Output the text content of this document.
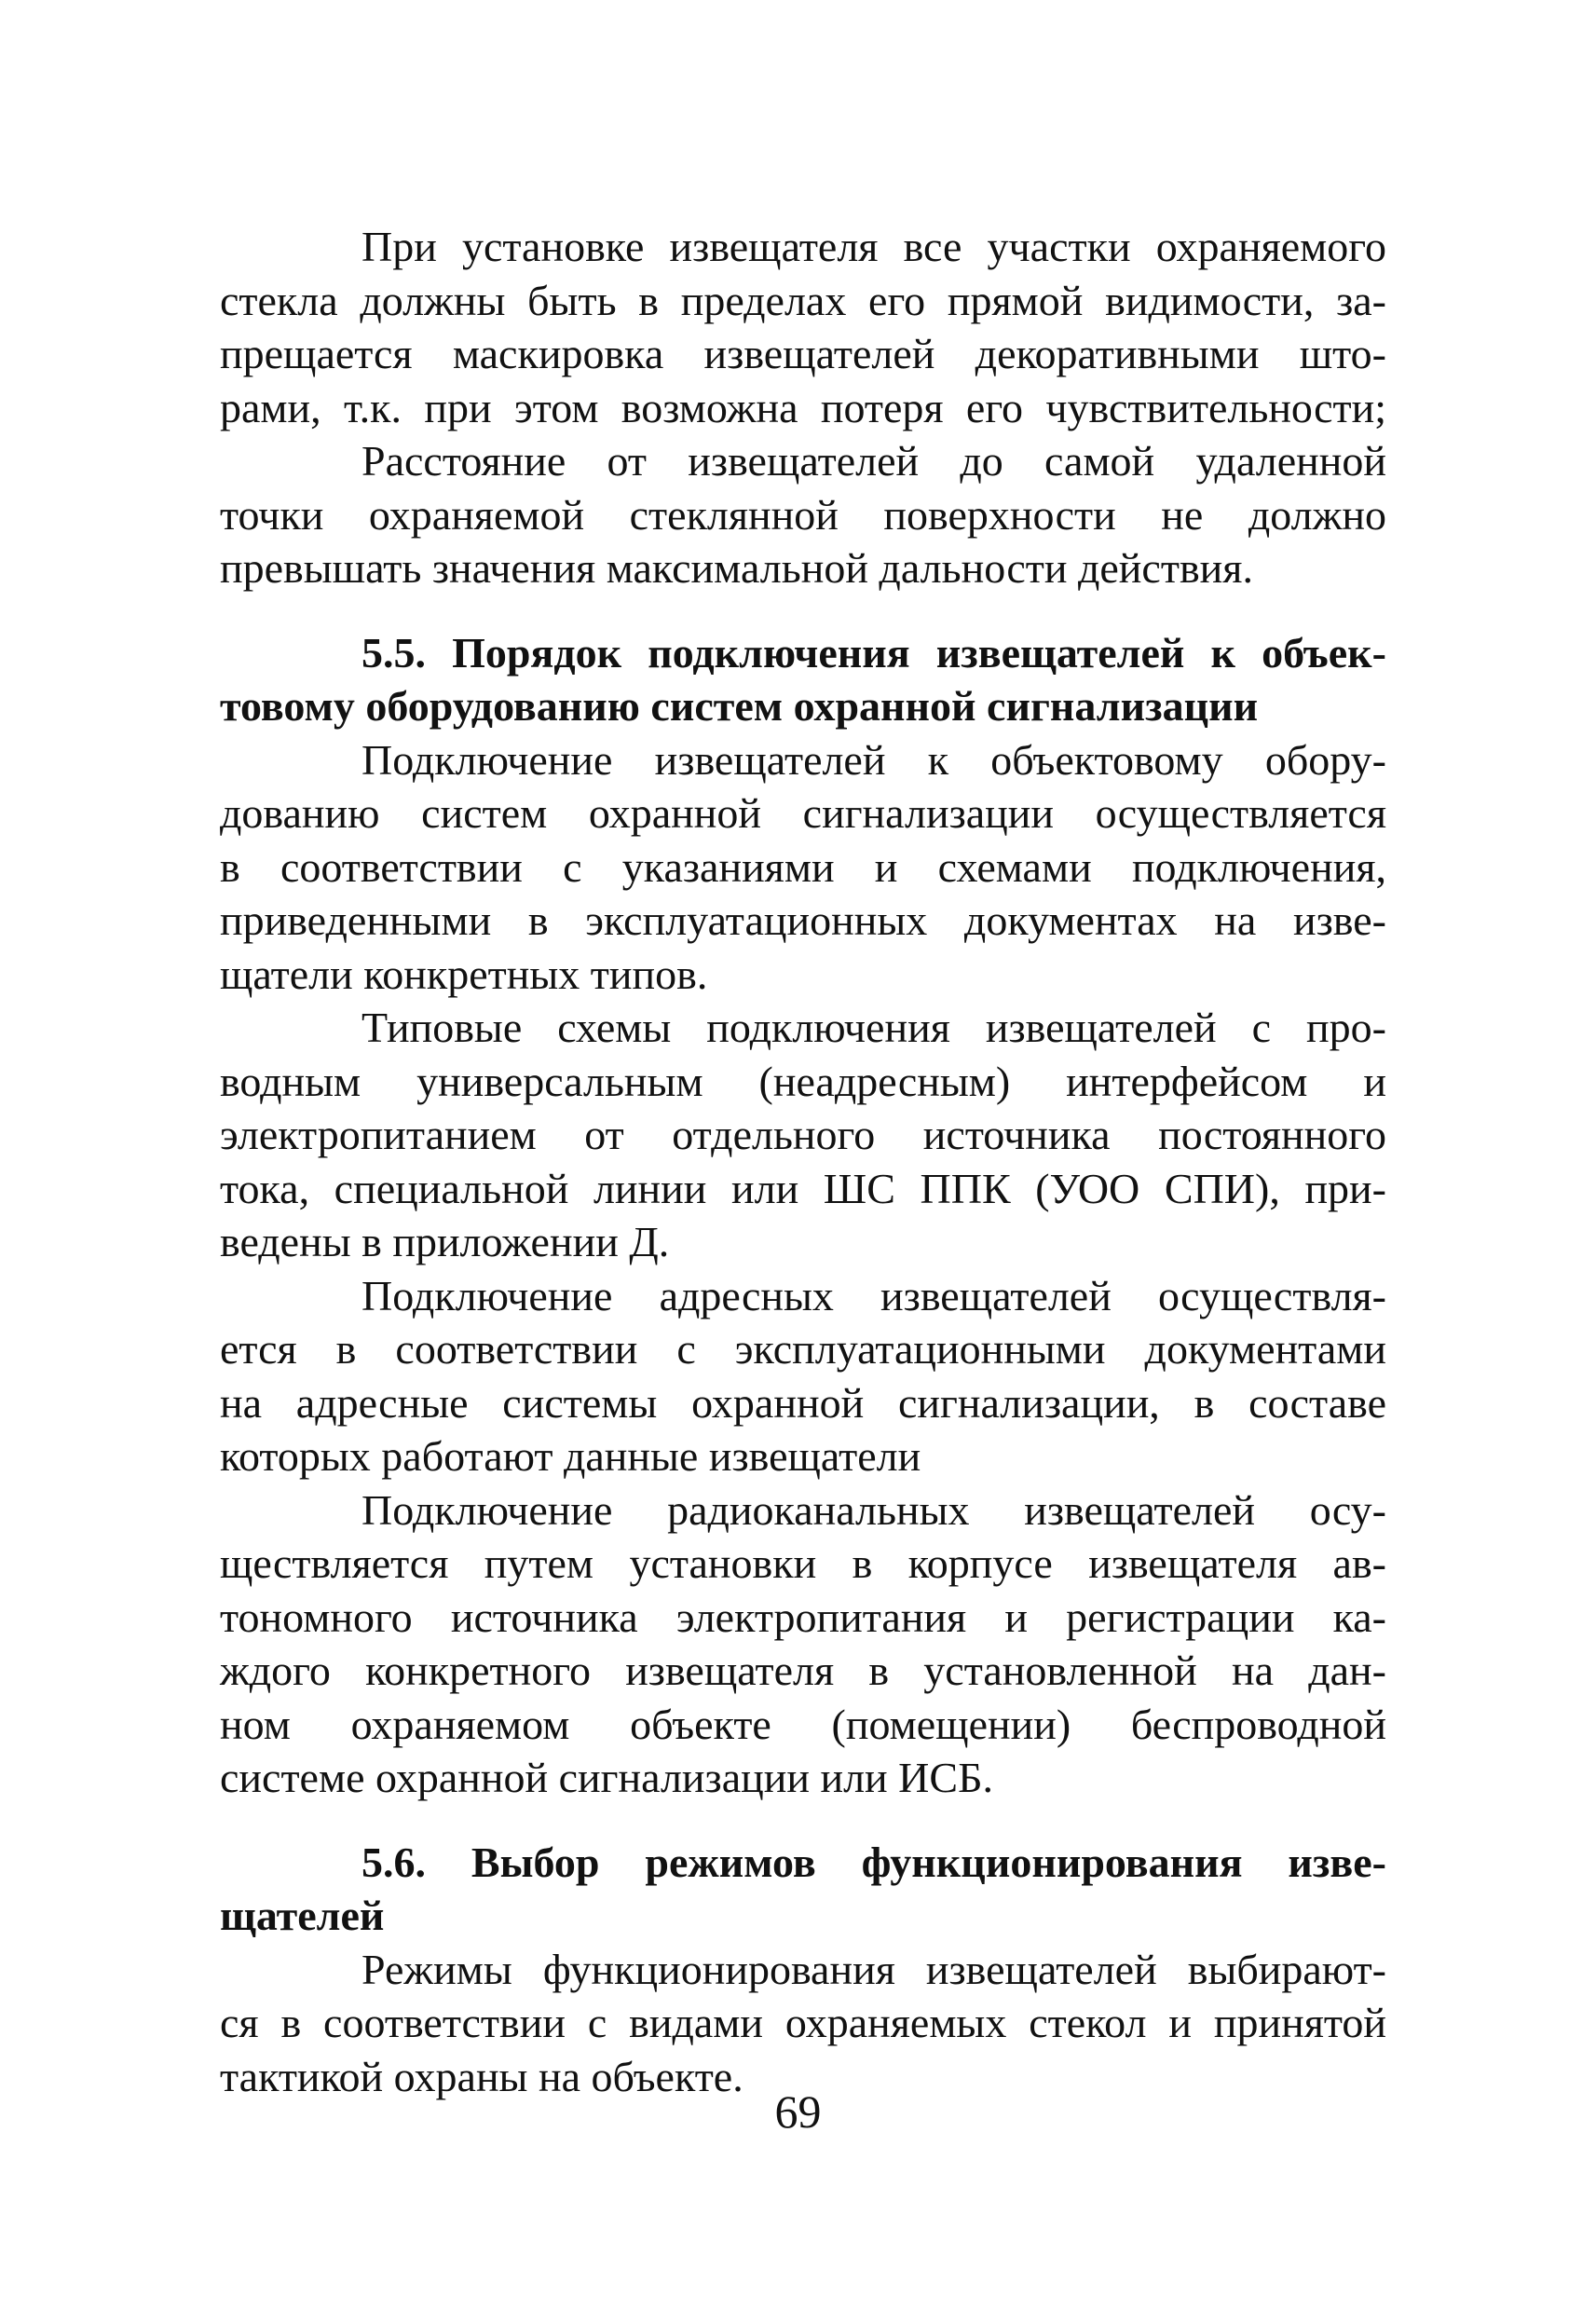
При установке извещателя все участки охраняемого
стекла должны быть в пределах его прямой видимости, за-
прещается маскировка извещателей декоративными што-
рами, т.к. при этом возможна потеря его чувствительности;
Расстояние от извещателей до самой удаленной
точки охраняемой стеклянной поверхности не должно
превышать значения максимальной дальности действия.
5.5. Порядок подключения извещателей к объек-
товому оборудованию систем охранной сигнализации
Подключение извещателей к объектовому обору-
дованию систем охранной сигнализации осуществляется
в соответствии с указаниями и схемами подключения,
приведенными в эксплуатационных документах на изве-
щатели конкретных типов.
Типовые схемы подключения извещателей с про-
водным универсальным (неадресным) интерфейсом и
электропитанием от отдельного источника постоянного
тока, специальной линии или ШС ППК (УОО СПИ), при-
ведены в приложении Д.
Подключение адресных извещателей осуществля-
ется в соответствии с эксплуатационными документами
на адресные системы охранной сигнализации, в составе
которых работают данные извещатели
Подключение радиоканальных извещателей осу-
ществляется путем установки в корпусе извещателя ав-
тономного источника электропитания и регистрации ка-
ждого конкретного извещателя в установленной на дан-
ном охраняемом объекте (помещении) беспроводной
системе охранной сигнализации или ИСБ.
5.6. Выбор режимов функционирования изве-
щателей
Режимы функционирования извещателей выбирают-
ся в соответствии с видами охраняемых стекол и принятой
тактикой охраны на объекте.
69
